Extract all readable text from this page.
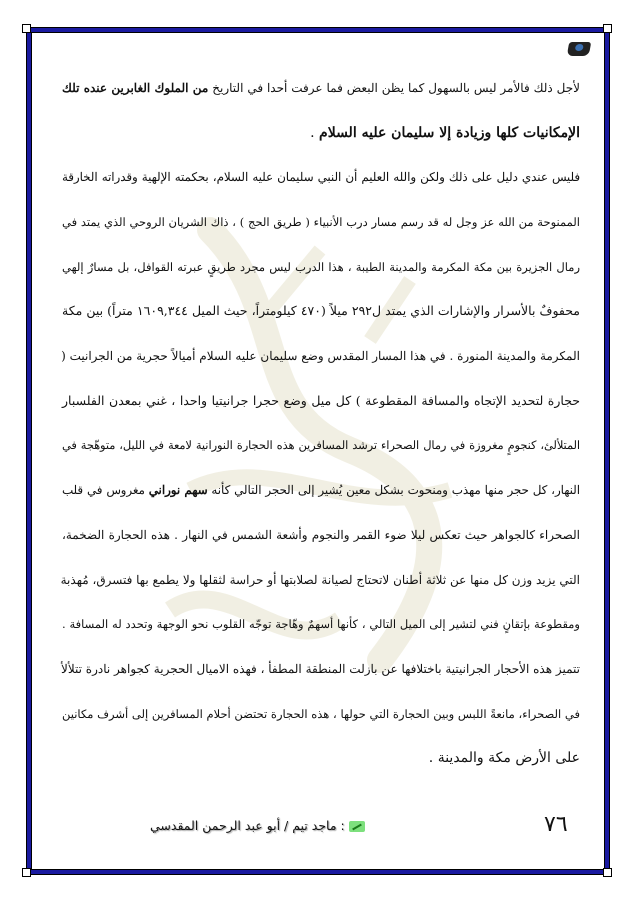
لأجل ذلك فالأمر ليس بالسهول كما يظن البعض فما عرفت أحدا في التاريخ من الملوك الغابرين عنده تلك
الإمكانيات كلها وزيادة إلا سليمان عليه السلام .
فليس عندي دليل على ذلك ولكن والله العليم أن النبي سليمان عليه السلام، بحكمته الإلهية وقدراته الخارقة
الممنوحة من الله عز وجل له قد رسم مسار درب الأنبياء ( طريق الحج ) ، ذاك الشريان الروحي الذي يمتد في
رمال الجزيرة بين مكة المكرمة والمدينة الطيبة ، هذا الدرب ليس مجرد طريقٍ عبرته القوافل، بل مسارٌ إلهي
محفوفٌ بالأسرار والإشارات الذي يمتد ل٢٩٢ ميلاً (٤٧٠ كيلومتراً، حيث الميل ١٦٠٩,٣٤٤ متراً) بين مكة
المكرمة والمدينة المنورة . في هذا المسار المقدس وضع سليمان عليه السلام أميالاً حجرية من الجرانيت (
حجارة لتحديد الإتجاه والمسافة المقطوعة ) كل ميل وضع حجرا جرانيتيا واحدا ، غني بمعدن الفلسبار
المتلألئ، كنجومٍ مغروزة في رمال الصحراء ترشد المسافرين هذه الحجارة النورانية لامعة في الليل، متوهّجة في
النهار، كل حجر منها مهذب ومنحوت بشكل معين يُشير إلى الحجر التالي كأنه سهم نوراني مغروس في قلب
الصحراء كالجواهر حيث تعكس ليلا ضوء القمر والنجوم وأشعة الشمس في النهار . هذه الحجارة الضخمة،
التي يزيد وزن كل منها عن ثلاثة أطنان لاتحتاج لصيانة لصلابتها أو حراسة لثقلها ولا يطمع بها فتسرق، مُهذبة
ومقطوعة بإتقانٍ فني لتشير إلى الميل التالي ، كأنها أسهمٌ وهّاجة توجّه القلوب نحو الوجهة وتحدد له المسافة .
تتميز هذه الأحجار الجرانيتية باختلافها عن بازلت المنطقة المطفأ ، فهذه الاميال الحجرية كجواهر نادرة تتلألأ
في الصحراء، مانعةً اللبس وبين الحجارة التي حولها ، هذه الحجارة تحتضن أحلام المسافرين إلى أشرف مكانين
على الأرض مكة والمدينة .
: ماجد تيم / أبو عبد الرحمن المقدسي	٧٦
